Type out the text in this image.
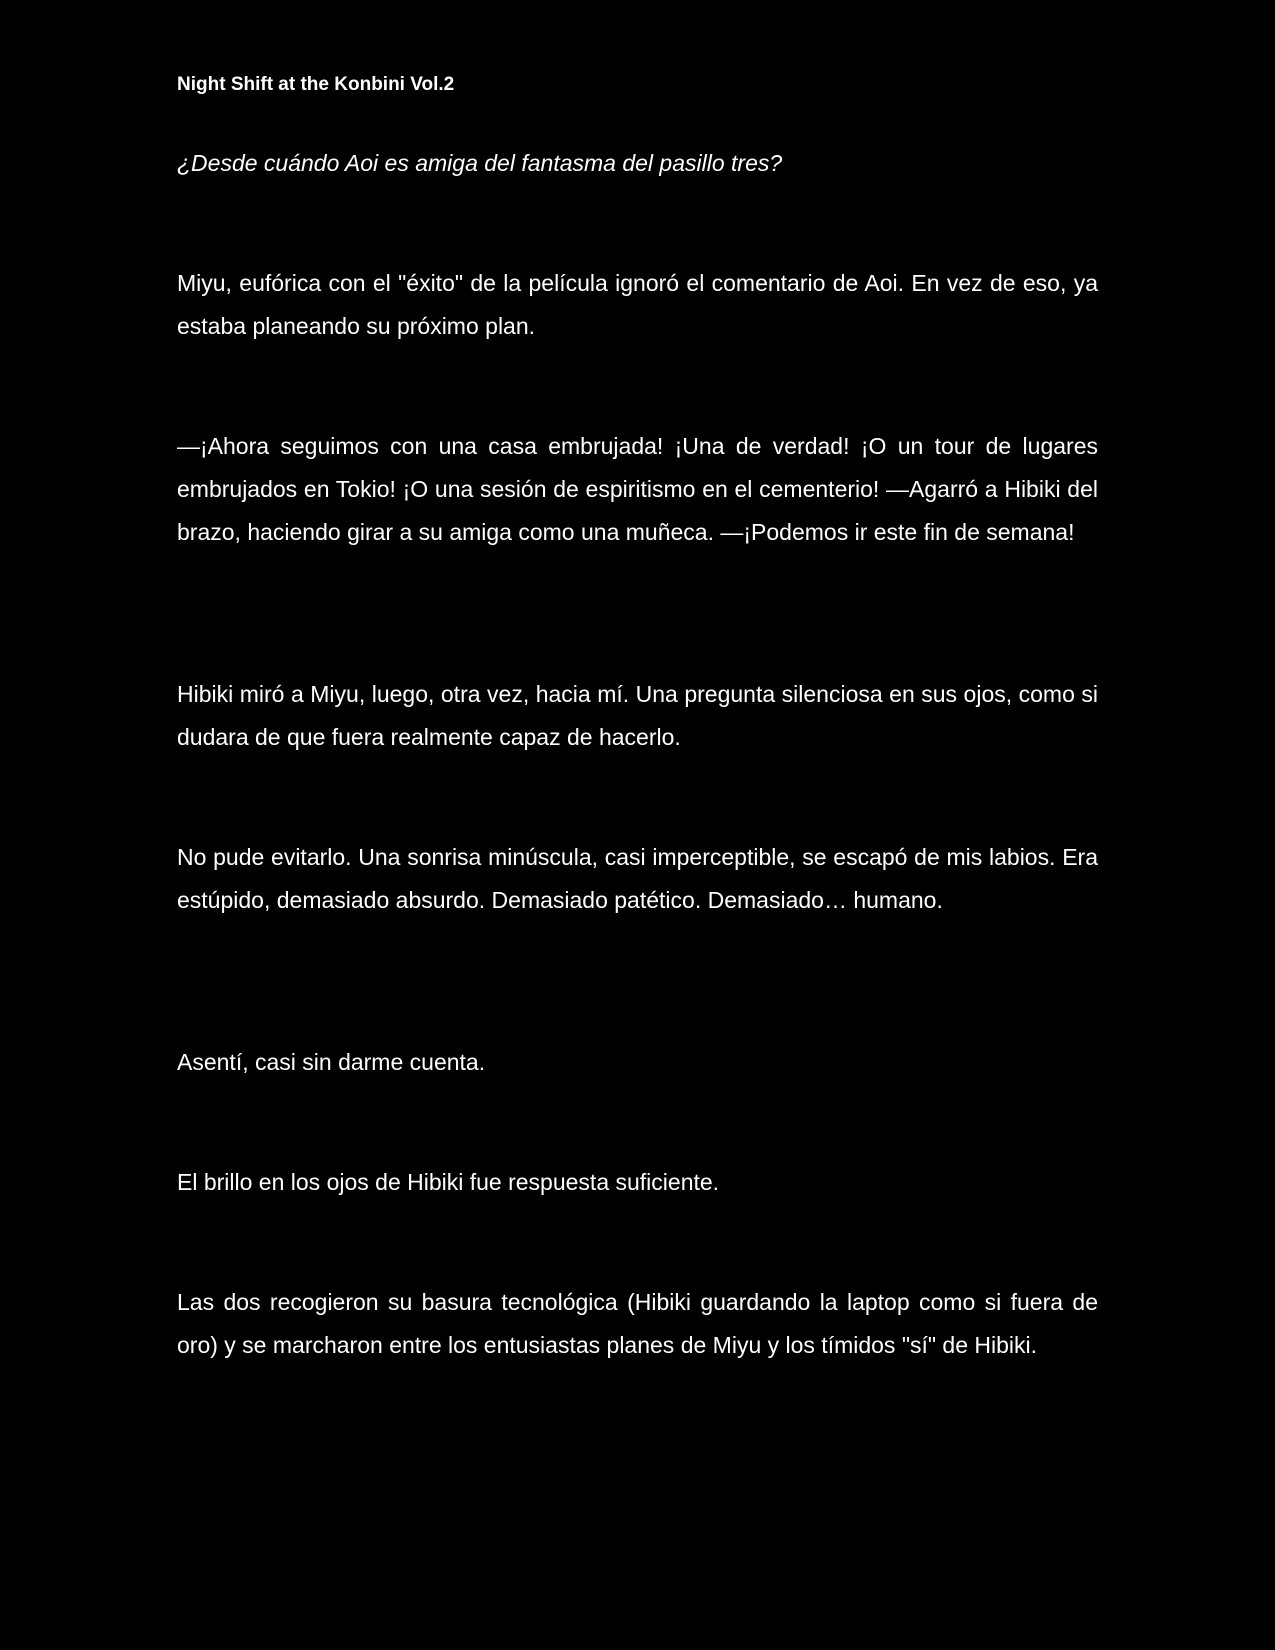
Night Shift at the Konbini Vol.2

¿Desde cuándo Aoi es amiga del fantasma del pasillo tres?

Miyu, eufórica con el "éxito" de la película ignoró el comentario de Aoi. En vez de eso, ya estaba planeando su próximo plan.

—¡Ahora seguimos con una casa embrujada! ¡Una de verdad! ¡O un tour de lugares embrujados en Tokio! ¡O una sesión de espiritismo en el cementerio! —Agarró a Hibiki del brazo, haciendo girar a su amiga como una muñeca. —¡Podemos ir este fin de semana!

Hibiki miró a Miyu, luego, otra vez, hacia mí. Una pregunta silenciosa en sus ojos, como si dudara de que fuera realmente capaz de hacerlo.

No pude evitarlo. Una sonrisa minúscula, casi imperceptible, se escapó de mis labios. Era estúpido, demasiado absurdo. Demasiado patético. Demasiado… humano.

Asentí, casi sin darme cuenta.

El brillo en los ojos de Hibiki fue respuesta suficiente.

Las dos recogieron su basura tecnológica (Hibiki guardando la laptop como si fuera de oro) y se marcharon entre los entusiastas planes de Miyu y los tímidos "sí" de Hibiki.
